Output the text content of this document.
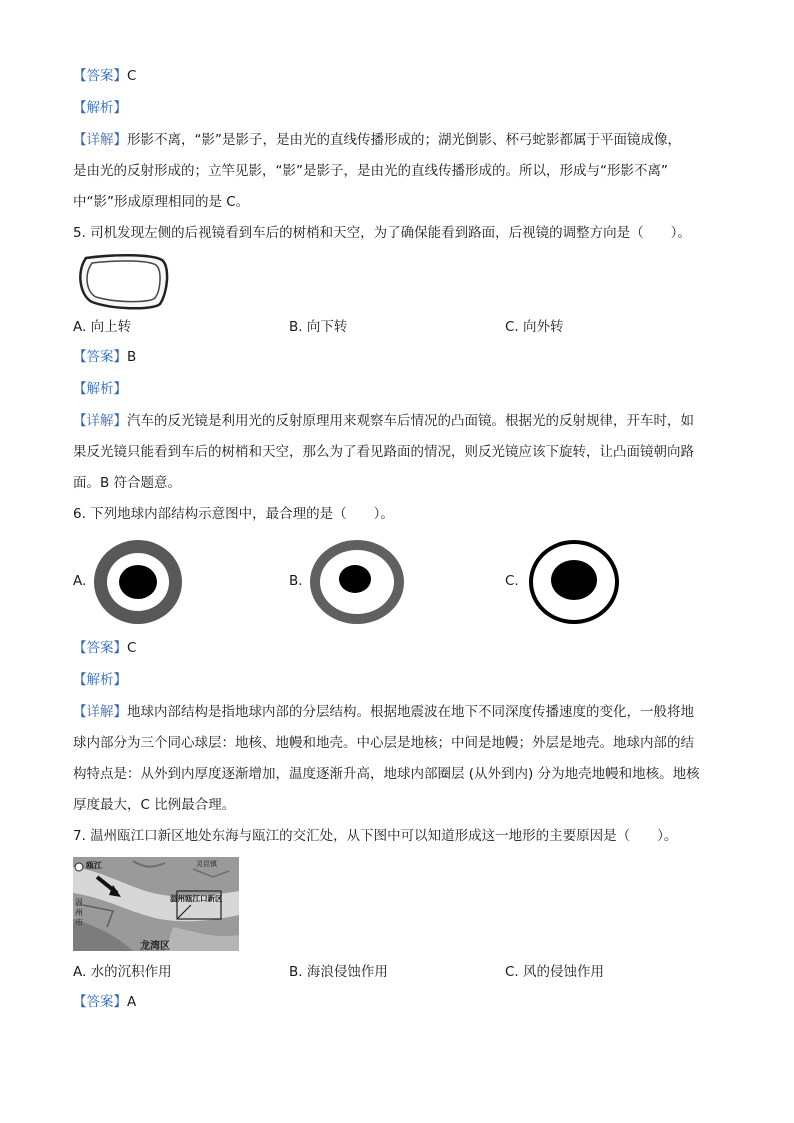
【答案】C
【解析】
【详解】形影不离，“影”是影子，是由光的直线传播形成的；湖光倒影、杯弓蛇影都属于平面镜成像，
是由光的反射形成的；立竿见影，“影”是影子，是由光的直线传播形成的。所以，形成与“形影不离”
中“影”形成原理相同的是 C。
5. 司机发现左侧的后视镜看到车后的树梢和天空，为了确保能看到路面，后视镜的调整方向是（　　）。
A. 向上转	B. 向下转	C. 向外转
【答案】B
【解析】
【详解】汽车的反光镜是利用光的反射原理用来观察车后情况的凸面镜。根据光的反射规律，开车时，如
果反光镜只能看到车后的树梢和天空，那么为了看见路面的情况，则反光镜应该下旋转，让凸面镜朝向路
面。B 符合题意。
6. 下列地球内部结构示意图中，最合理的是（　　）。
A.	B.	C.
【答案】C
【解析】
【详解】地球内部结构是指地球内部的分层结构。根据地震波在地下不同深度传播速度的变化，一般将地
球内部分为三个同心球层：地核、地幔和地壳。中心层是地核；中间是地幔；外层是地壳。地球内部的结
构特点是：从外到内厚度逐渐增加，温度逐渐升高，地球内部圈层 (从外到内) 分为地壳地幔和地核。地核
厚度最大，C 比例最合理。
7. 温州瓯江口新区地处东海与瓯江的交汇处，从下图中可以知道形成这一地形的主要原因是（　　）。
瓯江
温州市
温州瓯江口新区
龙湾区
灵昆镇
A. 水的沉积作用	B. 海浪侵蚀作用	C. 风的侵蚀作用
【答案】A
